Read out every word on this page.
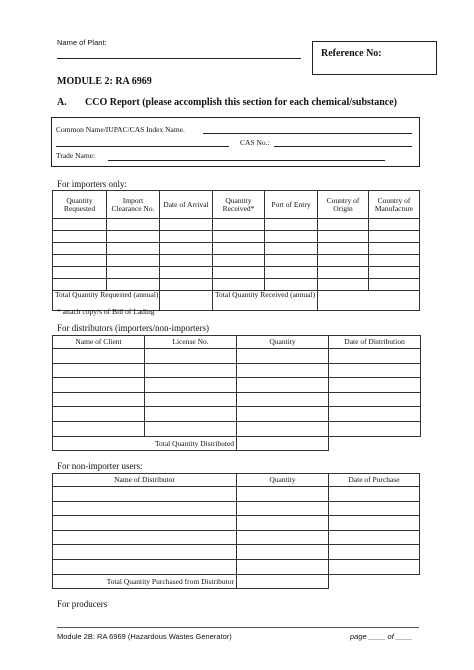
Name of Plant:
Reference No:
MODULE 2: RA 6969
A. CCO Report (please accomplish this section for each chemical/substance)
Common Name/IUPAC/CAS Index Name.
CAS No.:
Trade Name:
For importers only:
Quantity Requested	Import Clearance No.	Date of Arrival	Quantity Received*	Port of Entry	Country of Origin	Country of Manufacture

Total Quantity Requested (annual)			Total Quantity Received (annual)			
* attach copy/s of Bill of Lading
For distributors (importers/non-importers)
Name of Client	License No.	Quantity	Date of Distribution

Total Quantity Distributed			
For non-importer users:
Name of Distributor	Quantity	Date of Purchase

Total Quantity Purchased from Distributor		
For producers
Module 2B: RA 6969 (Hazardous Wastes Generator)	page ____ of ____
